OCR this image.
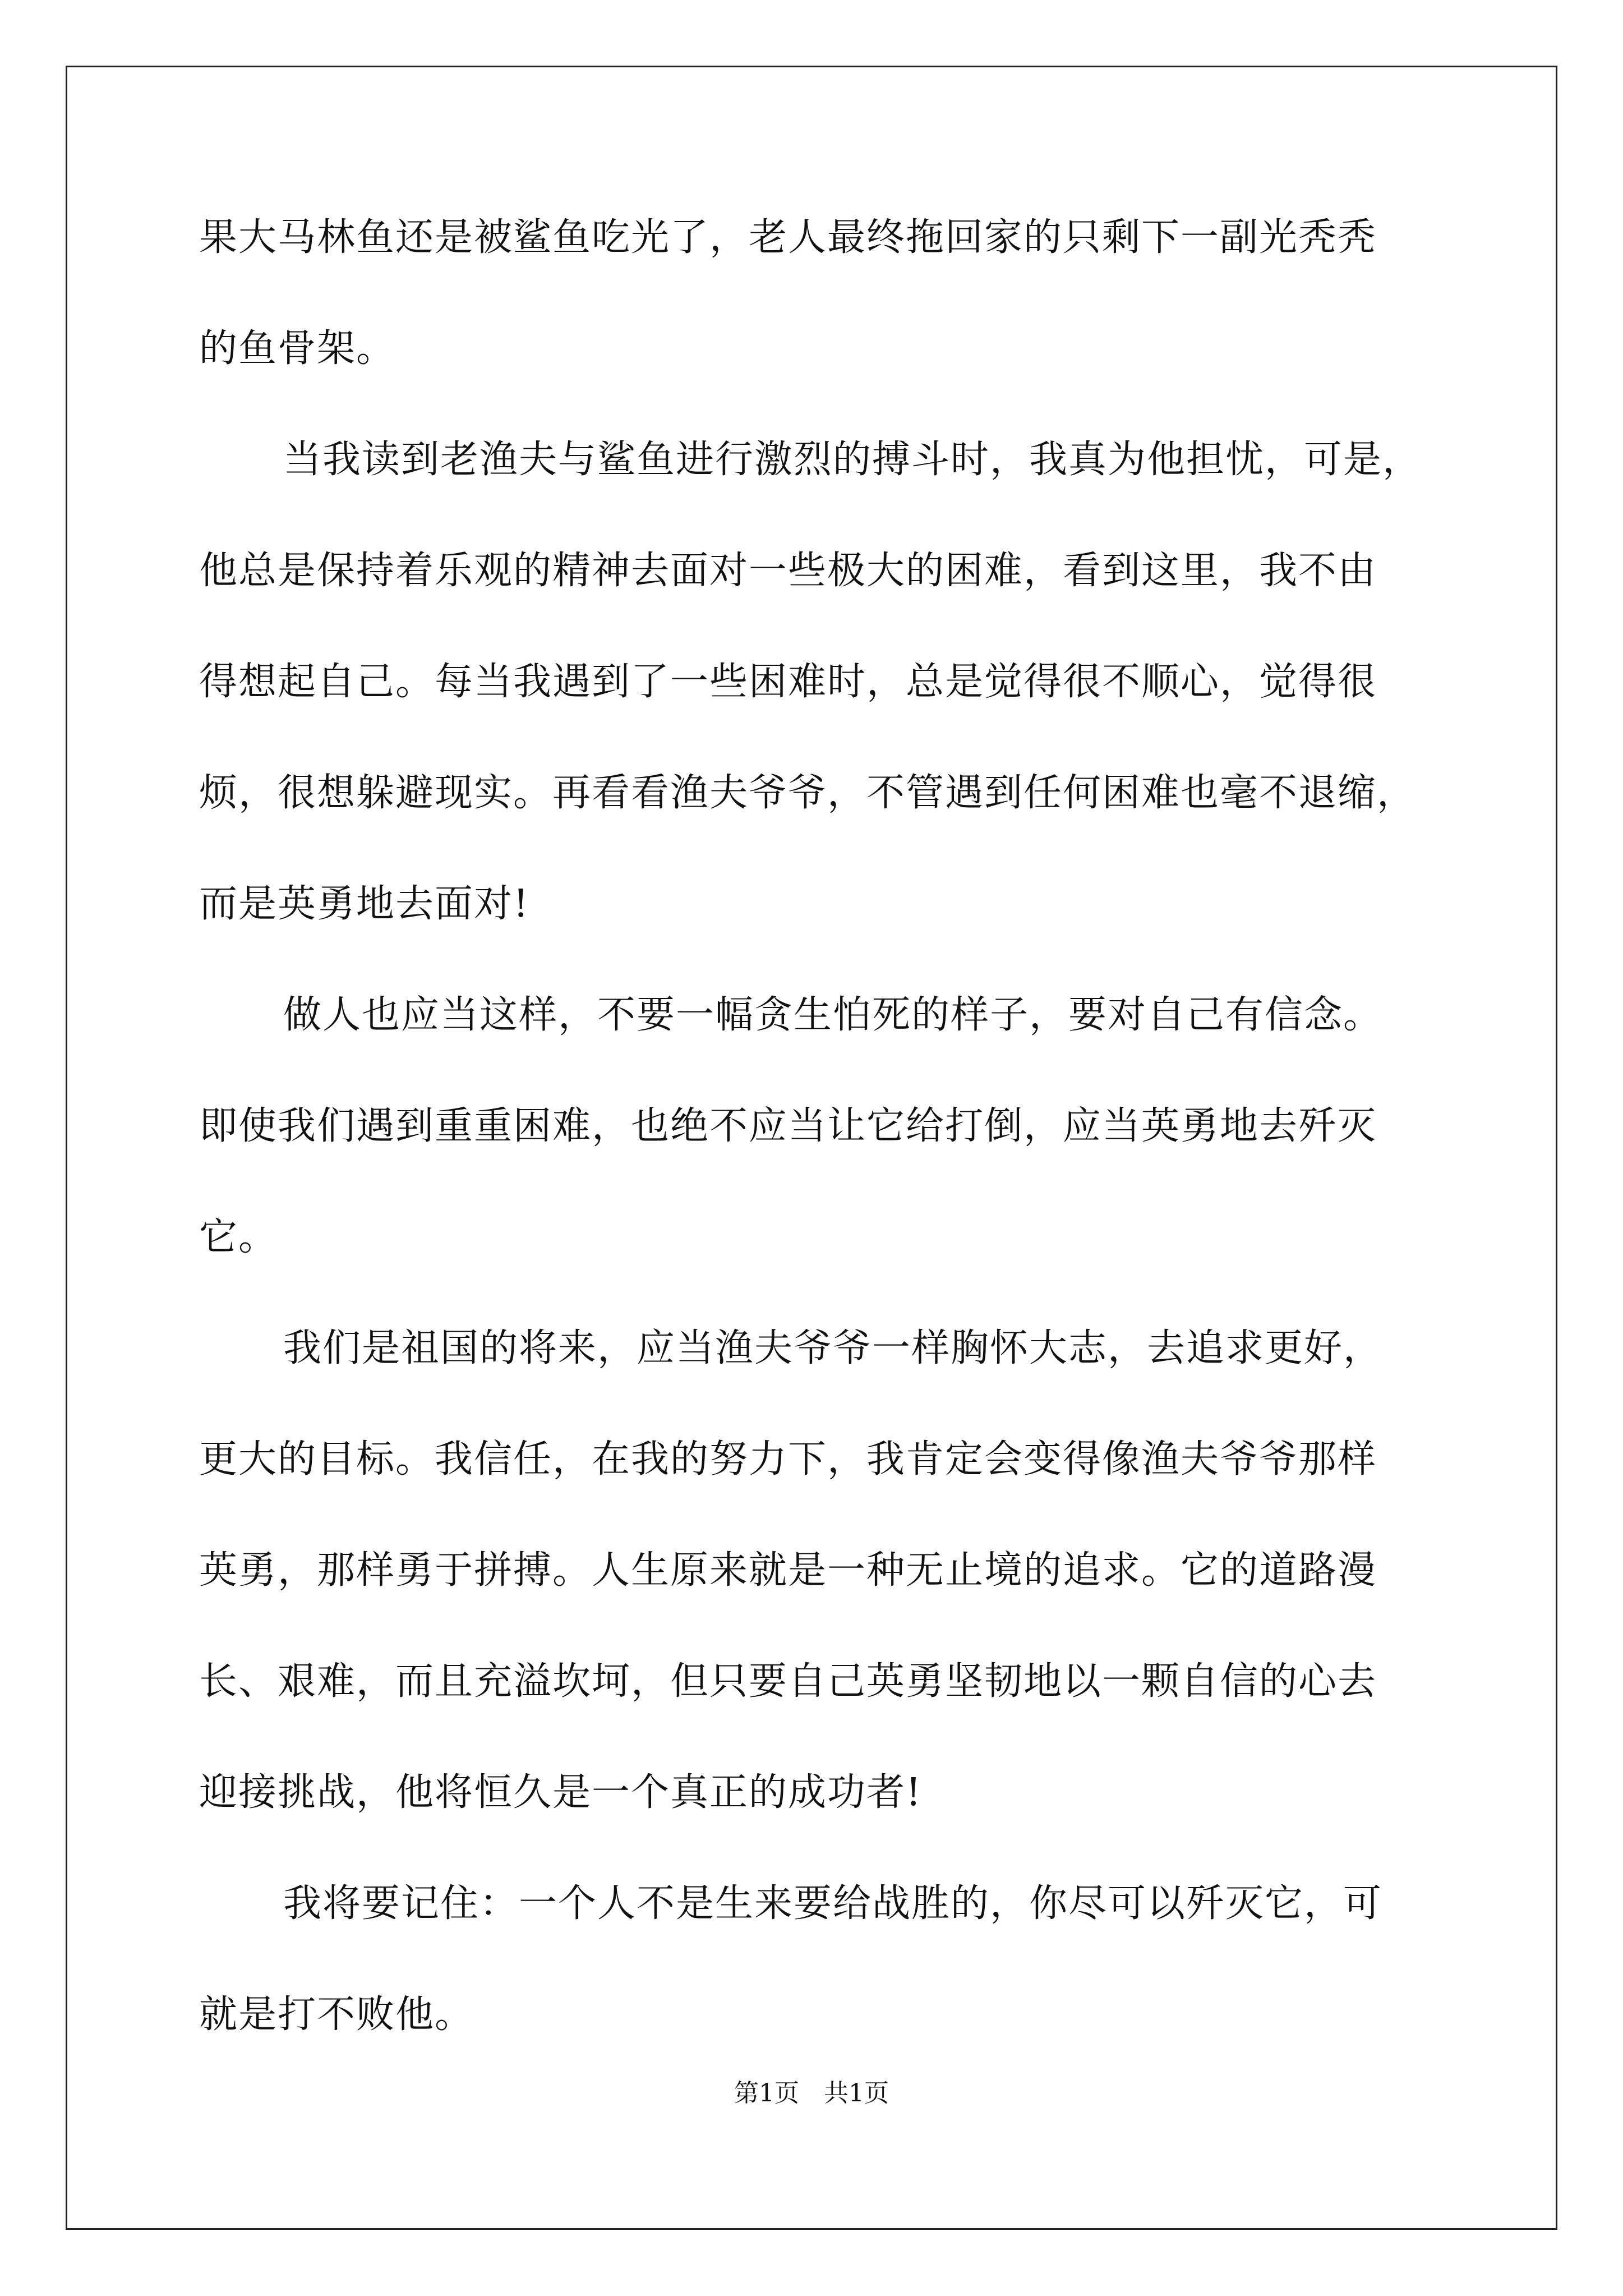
果大马林鱼还是被鲨鱼吃光了，老人最终拖回家的只剩下一副光秃秃
的鱼骨架。
当我读到老渔夫与鲨鱼进行激烈的搏斗时，我真为他担忧，可是，
他总是保持着乐观的精神去面对一些极大的困难，看到这里，我不由
得想起自己。每当我遇到了一些困难时，总是觉得很不顺心，觉得很
烦，很想躲避现实。再看看渔夫爷爷，不管遇到任何困难也毫不退缩，
而是英勇地去面对!
做人也应当这样，不要一幅贪生怕死的样子，要对自己有信念。
即使我们遇到重重困难，也绝不应当让它给打倒，应当英勇地去歼灭
它。
我们是祖国的将来，应当渔夫爷爷一样胸怀大志，去追求更好，
更大的目标。我信任，在我的努力下，我肯定会变得像渔夫爷爷那样
英勇，那样勇于拼搏。人生原来就是一种无止境的追求。它的道路漫
长、艰难，而且充溢坎坷，但只要自己英勇坚韧地以一颗自信的心去
迎接挑战，他将恒久是一个真正的成功者!
我将要记住：一个人不是生来要给战胜的，你尽可以歼灭它，可
就是打不败他。
第1页　共1页
